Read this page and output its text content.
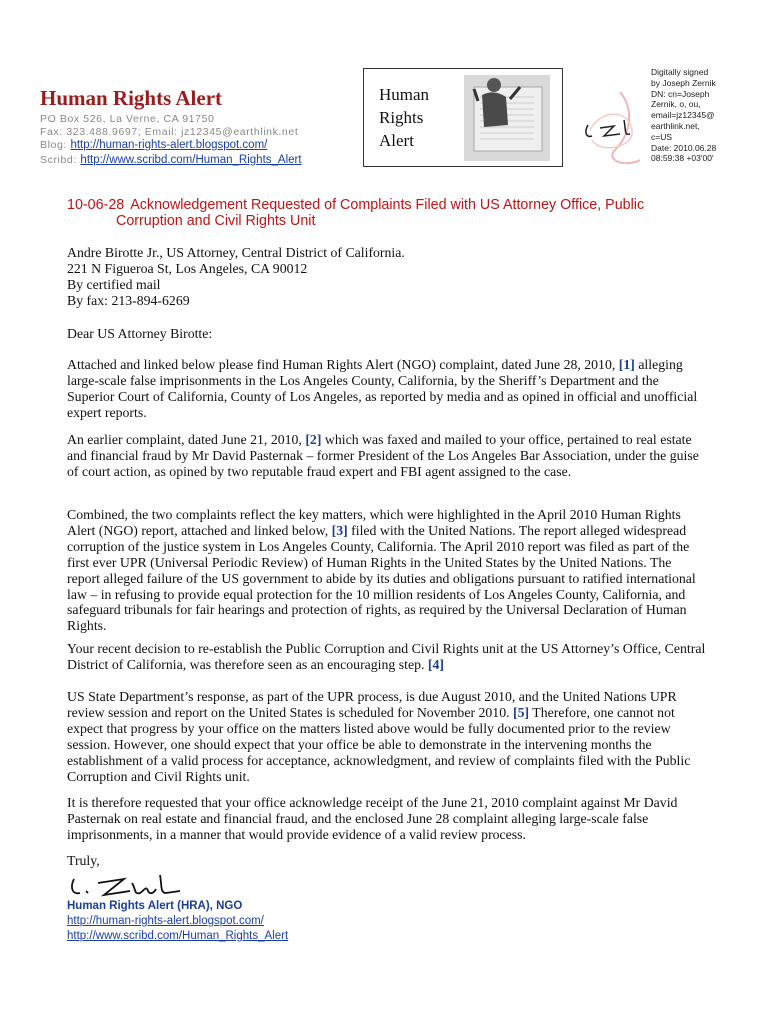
Human Rights Alert
PO Box 526, La Verne, CA 91750
Fax: 323.488.9697; Email: jz12345@earthlink.net
Blog: http://human-rights-alert.blogspot.com/
Scribd: http://www.scribd.com/Human_Rights_Alert
Human
Rights
Alert
Digitally signed
by Joseph Zernik
DN: cn=Joseph
Zernik, o, ou,
email=jz12345@
earthlink.net,
c=US
Date: 2010.06.28
08:59:38 +03'00'
10-06-28 Acknowledgement Requested of Complaints Filed with US Attorney Office, Public
Corruption and Civil Rights Unit

Andre Birotte Jr., US Attorney, Central District of California.

221 N Figueroa St, Los Angeles, CA 90012

By certified mail

By fax: 213-894-6269

Dear US Attorney Birotte:

Attached and linked below please find Human Rights Alert (NGO) complaint, dated June 28, 2010, [1] alleging large-scale false imprisonments in the Los Angeles County, California, by the Sheriff’s Department and the Superior Court of California, County of Los Angeles, as reported by media and as opined in official and unofficial expert reports.

An earlier complaint, dated June 21, 2010, [2] which was faxed and mailed to your office, pertained to real estate and financial fraud by Mr David Pasternak – former President of the Los Angeles Bar Association, under the guise of court action, as opined by two reputable fraud expert and FBI agent assigned to the case.

Combined, the two complaints reflect the key matters, which were highlighted in the April 2010 Human Rights Alert (NGO) report, attached and linked below, [3] filed with the United Nations. The report alleged widespread corruption of the justice system in Los Angeles County, California. The April 2010 report was filed as part of the first ever UPR (Universal Periodic Review) of Human Rights in the United States by the United Nations. The report alleged failure of the US government to abide by its duties and obligations pursuant to ratified international law – in refusing to provide equal protection for the 10 million residents of Los Angeles County, California, and safeguard tribunals for fair hearings and protection of rights, as required by the Universal Declaration of Human Rights.

Your recent decision to re-establish the Public Corruption and Civil Rights unit at the US Attorney’s Office, Central District of California, was therefore seen as an encouraging step. [4]

US State Department’s response, as part of the UPR process, is due August 2010, and the United Nations UPR review session and report on the United States is scheduled for November 2010. [5] Therefore, one cannot not expect that progress by your office on the matters listed above would be fully documented prior to the review session. However, one should expect that your office be able to demonstrate in the intervening months the establishment of a valid process for acceptance, acknowledgment, and review of complaints filed with the Public Corruption and Civil Rights unit.

It is therefore requested that your office acknowledge receipt of the June 21, 2010 complaint against Mr David Pasternak on real estate and financial fraud, and the enclosed June 28 complaint alleging large-scale false imprisonments, in a manner that would provide evidence of a valid review process.

Truly,
Human Rights Alert (HRA), NGO
http://human-rights-alert.blogspot.com/
http://www.scribd.com/Human_Rights_Alert
